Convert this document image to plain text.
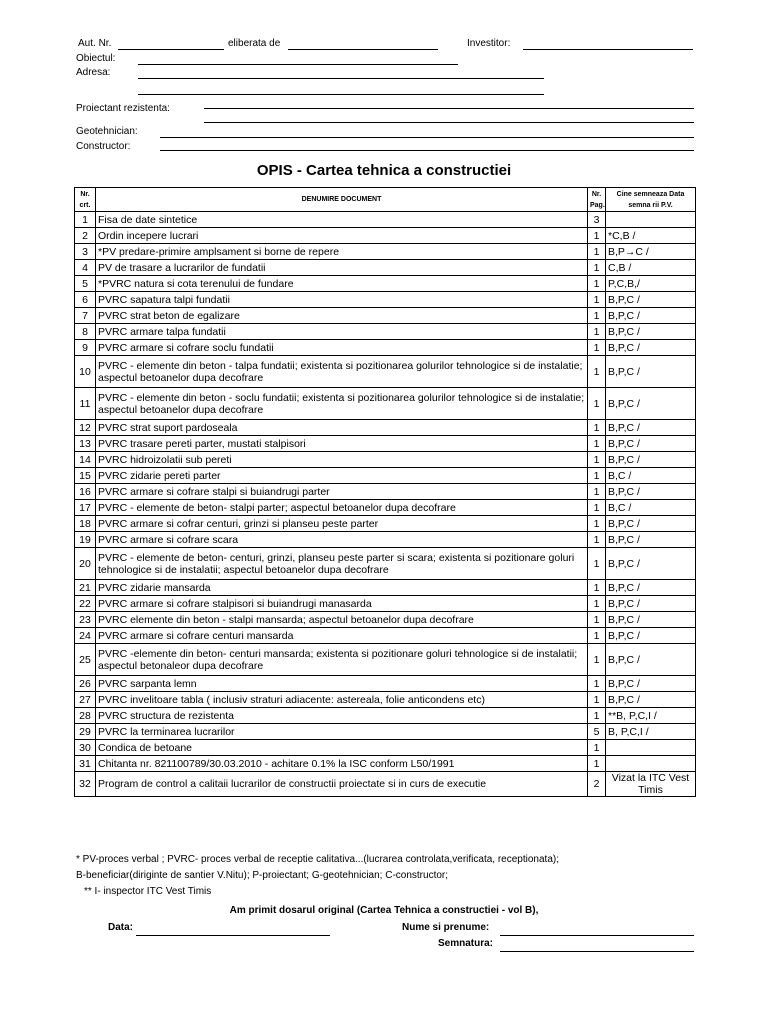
Aut. Nr.	eliberata de	Investitor:
Obiectul:
Adresa:
Proiectant rezistenta:
Geotehnician:
Constructor:
OPIS - Cartea tehnica a constructiei
Nr. crt.	DENUMIRE DOCUMENT	Nr. Pag.	Cine semneaza Data semna rii P.V.
1	Fisa de date sintetice	3	
2	Ordin incepere lucrari	1	*C,B /
3	*PV predare-primire amplsament si borne de repere	1	B,P→C /
4	PV de trasare a lucrarilor de fundatii	1	C,B /
5	*PVRC natura si cota terenului de fundare	1	P,C,B,/
6	PVRC sapatura talpi fundatii	1	B,P,C /
7	PVRC strat beton de egalizare	1	B,P,C /
8	PVRC armare talpa fundatii	1	B,P,C /
9	PVRC armare si cofrare soclu fundatii	1	B,P,C /
10	PVRC - elemente din beton - talpa fundatii; existenta si pozitionarea golurilor tehnologice si de instalatie; aspectul betoanelor dupa decofrare	1	B,P,C /
11	PVRC - elemente din beton - soclu fundatii; existenta si pozitionarea golurilor tehnologice si de instalatie; aspectul betoanelor dupa decofrare	1	B,P,C /
12	PVRC strat suport pardoseala	1	B,P,C /
13	PVRC trasare pereti parter, mustati stalpisori	1	B,P,C /
14	PVRC hidroizolatii sub pereti	1	B,P,C /
15	PVRC zidarie pereti parter	1	B,C /
16	PVRC armare si cofrare stalpi si buiandrugi parter	1	B,P,C /
17	PVRC - elemente de beton- stalpi parter; aspectul betoanelor dupa decofrare	1	B,C /
18	PVRC armare si cofrar centuri, grinzi si planseu peste parter	1	B,P,C /
19	PVRC armare si cofrare scara	1	B,P,C /
20	PVRC - elemente de beton- centuri, grinzi, planseu peste parter si scara; existenta si pozitionare goluri tehnologice si de instalatii; aspectul betoanelor dupa decofrare	1	B,P,C /
21	PVRC zidarie mansarda	1	B,P,C /
22	PVRC armare si cofrare stalpisori si buiandrugi manasarda	1	B,P,C /
23	PVRC elemente din beton - stalpi mansarda; aspectul betoanelor dupa decofrare	1	B,P,C /
24	PVRC armare si cofrare centuri mansarda	1	B,P,C /
25	PVRC -elemente din beton- centuri mansarda; existenta si pozitionare goluri tehnologice si de instalatii; aspectul betonaleor dupa decofrare	1	B,P,C /
26	PVRC sarpanta lemn	1	B,P,C /
27	PVRC invelitoare tabla ( inclusiv straturi adiacente: astereala, folie anticondens etc)	1	B,P,C /
28	PVRC structura de rezistenta	1	**B, P,C,I /
29	PVRC la terminarea lucrarilor	5	B, P,C,I /
30	Condica de betoane	1	
31	Chitanta nr. 821100789/30.03.2010 - achitare 0.1% la ISC conform L50/1991	1	
32	Program de control a calitaii lucrarilor de constructii proiectate si in curs de executie	2	Vizat la ITC Vest Timis
* PV-proces verbal ; PVRC- proces verbal de receptie calitativa...(lucrarea controlata,verificata, receptionata);
B-beneficiar(diriginte de santier V.Nitu); P-proiectant; G-geotehnician; C-constructor;
** I- inspector ITC Vest Timis
Am primit dosarul original (Cartea Tehnica a constructiei - vol B),
Data:	Nume si prenume:
Semnatura:
